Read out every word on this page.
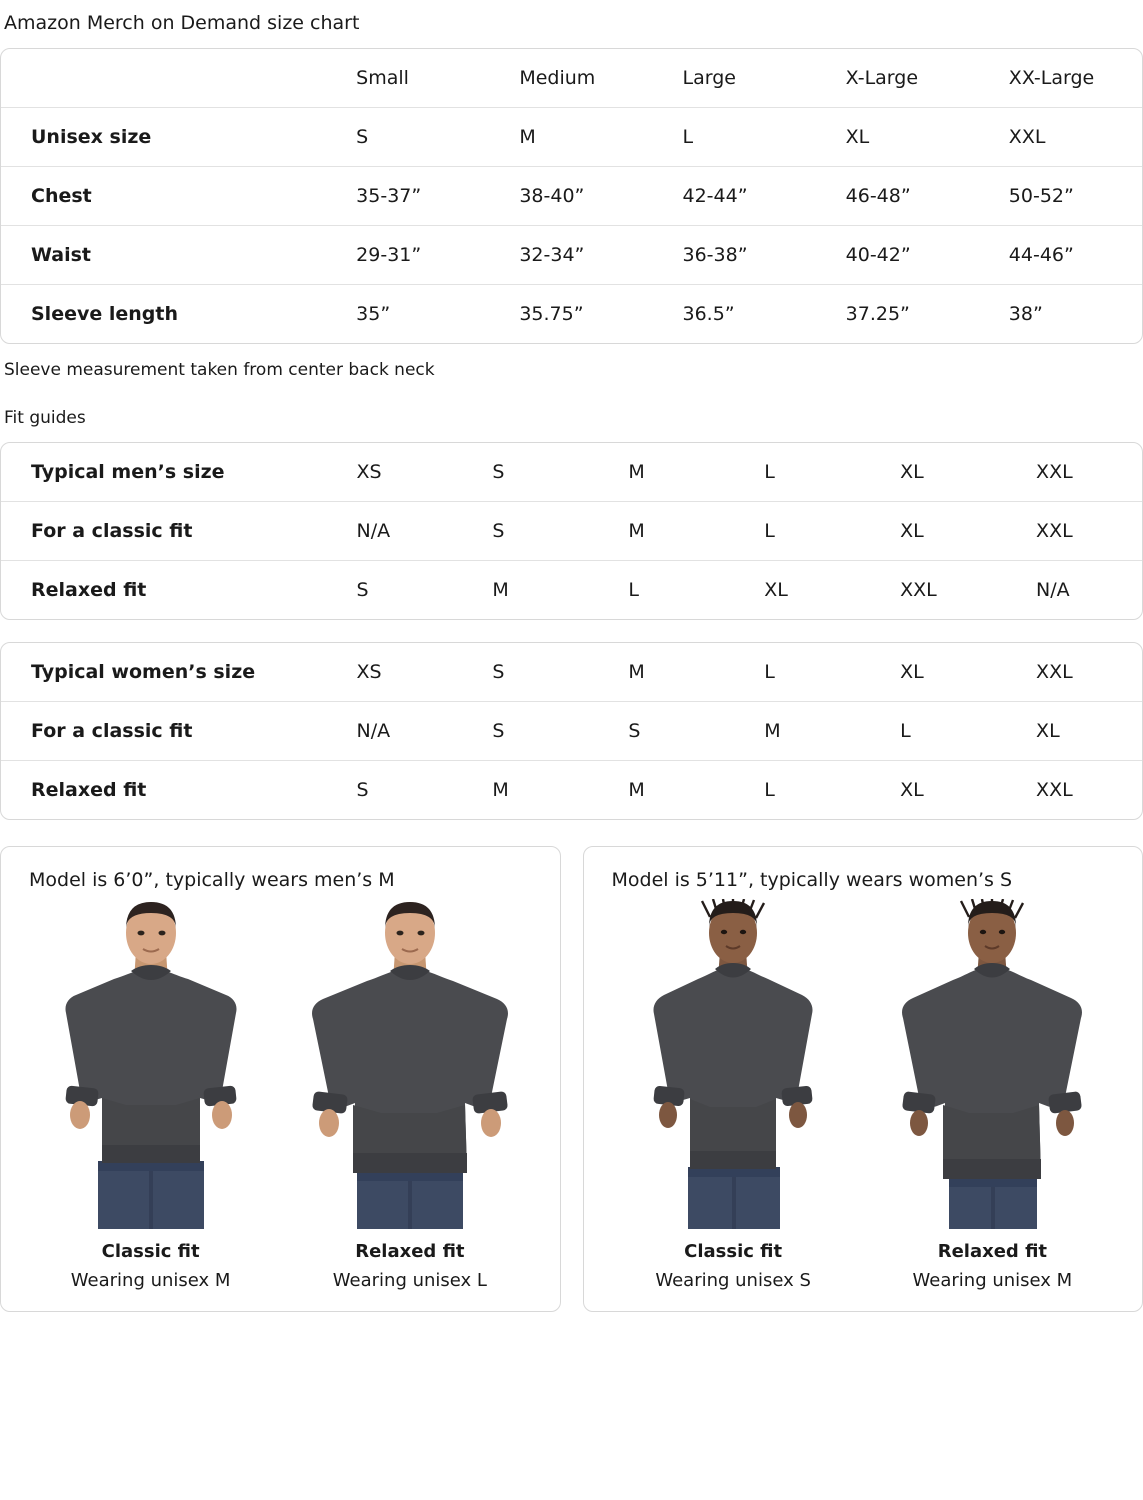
Amazon Merch on Demand size chart
	Small	Medium	Large	X-Large	XX-Large
Unisex size	S	M	L	XL	XXL
Chest	35-37”	38-40”	42-44”	46-48”	50-52”
Waist	29-31”	32-34”	36-38”	40-42”	44-46”
Sleeve length	35”	35.75”	36.5”	37.25”	38”
Sleeve measurement taken from center back neck
Fit guides
Typical men’s size	XS	S	M	L	XL	XXL
For a classic fit	N/A	S	M	L	XL	XXL
Relaxed fit	S	M	L	XL	XXL	N/A
Typical women’s size	XS	S	M	L	XL	XXL
For a classic fit	N/A	S	S	M	L	XL
Relaxed fit	S	M	M	L	XL	XXL
Model is 6’0”, typically wears men’s M
Classic fit
Wearing unisex M
Relaxed fit
Wearing unisex L
Model is 5’11”, typically wears women’s S
Classic fit
Wearing unisex S
Relaxed fit
Wearing unisex M
